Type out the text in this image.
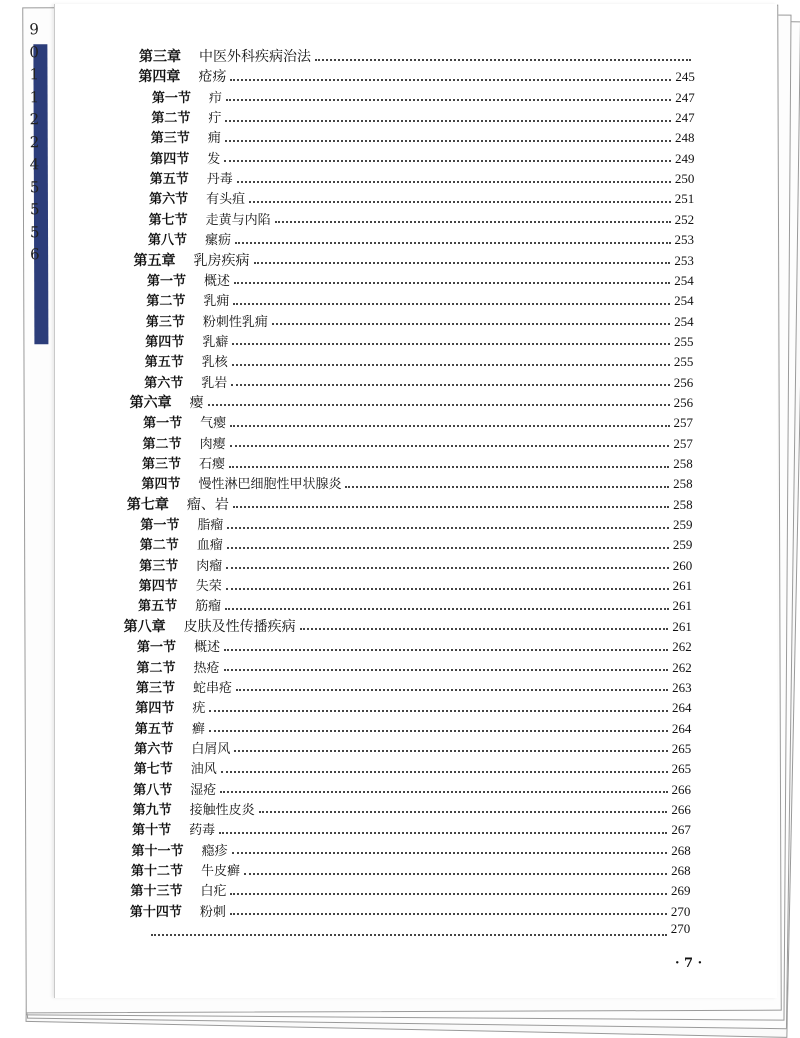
9
0
1
1
2
2
4
5
5
5
6
· 7 ·
第三章 中医外科疾病治法
第四章 疮疡	245
第一节 疖	247
第二节 疔	247
第三节 痈	248
第四节 发	249
第五节 丹毒	250
第六节 有头疽	251
第七节 走黄与内陷	252
第八节 瘰疬	253
第五章 乳房疾病	253
第一节 概述	254
第二节 乳痈	254
第三节 粉刺性乳痈	254
第四节 乳癖	255
第五节 乳核	255
第六节 乳岩	256
第六章 瘿	256
第一节 气瘿	257
第二节 肉瘿	257
第三节 石瘿	258
第四节 慢性淋巴细胞性甲状腺炎	258
第七章 瘤、岩	258
第一节 脂瘤	259
第二节 血瘤	259
第三节 肉瘤	260
第四节 失荣	261
第五节 筋瘤	261
第八章 皮肤及性传播疾病	261
第一节 概述	262
第二节 热疮	262
第三节 蛇串疮	263
第四节 疣	264
第五节 癣	264
第六节 白屑风	265
第七节 油风	265
第八节 湿疮	266
第九节 接触性皮炎	266
第十节 药毒	267
第十一节 瘾疹	268
第十二节 牛皮癣	268
第十三节 白疕	269
第十四节 粉刺	270
270
